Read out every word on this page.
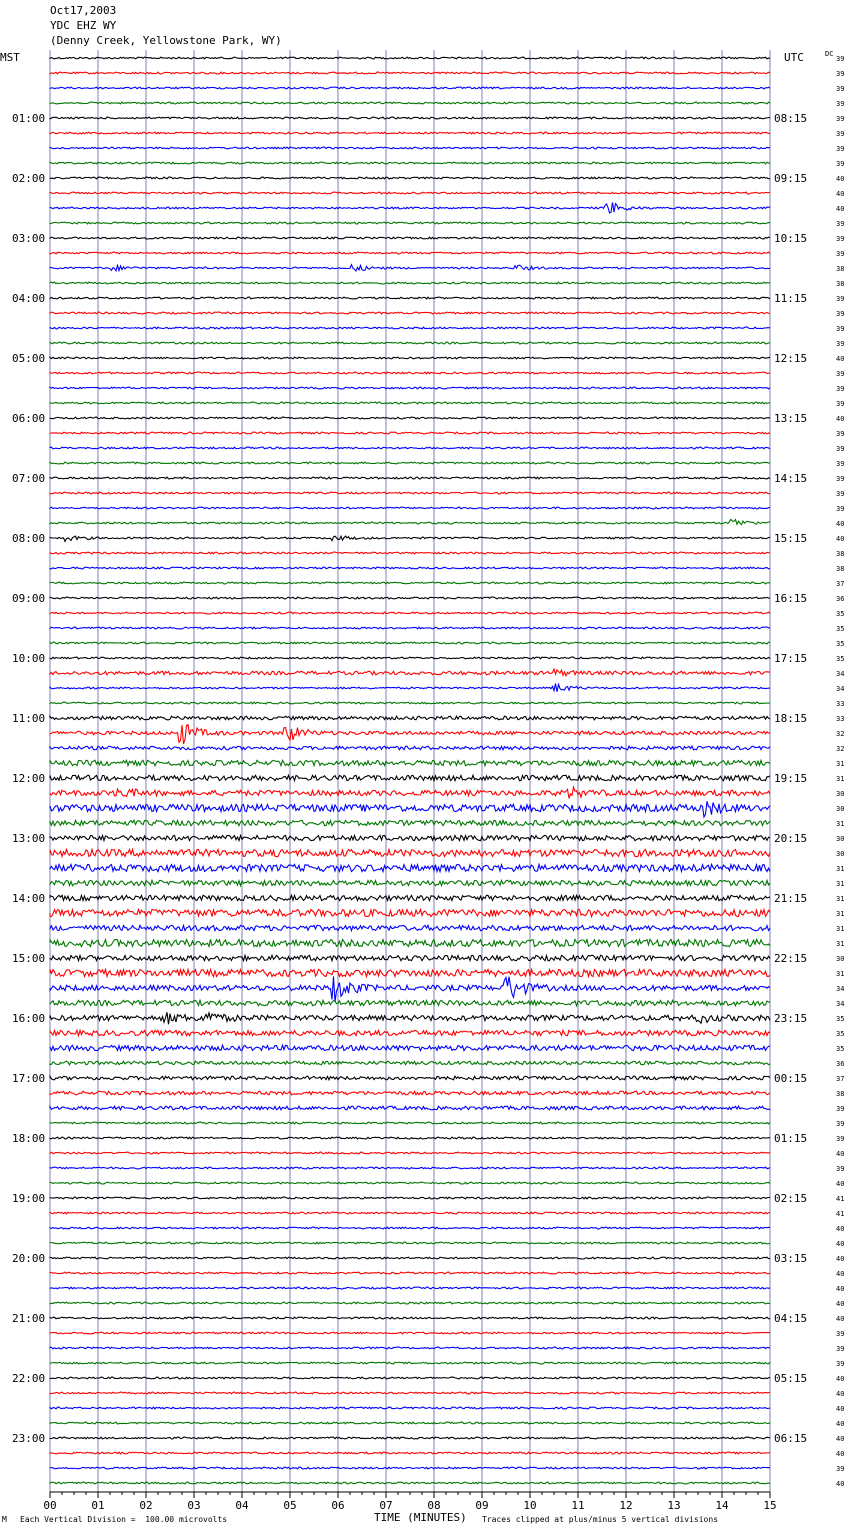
Oct17,2003
YDC EHZ WY
(Denny Creek, Yellowstone Park, WY)
MST	UTC	DC
00	01	02	03	04	05	06	07	08	09	10	11	12	13	14	15
39
39
39
39
39
39
39
39
40
40
40
39
39
39
38
38
39
39
39
39
40
39
39
39
40
39
39
39
39
39
39
40
40
38
38
37
36
35
35
35
35
34
34
33
33
32
32
31
31
30
30
31
30
30
31
31
31
31
31
31
30
31
34
34
35
35
35
36
37
38
39
39
39
40
39
40
41
41
40
40
40
40
40
40
40
39
39
39
40
40
40
40
40
40
39
40
01:00	08:15
02:00	09:15
03:00	10:15
04:00	11:15
05:00	12:15
06:00	13:15
07:00	14:15
08:00	15:15
09:00	16:15
10:00	17:15
11:00	18:15
12:00	19:15
13:00	20:15
14:00	21:15
15:00	22:15
16:00	23:15
17:00	00:15
18:00	01:15
19:00	02:15
20:00	03:15
21:00	04:15
22:00	05:15
23:00	06:15
TIME (MINUTES)
Μ Each Vertical Division =  100.00 microvolts	Traces clipped at plus/minus 5 vertical divisions
